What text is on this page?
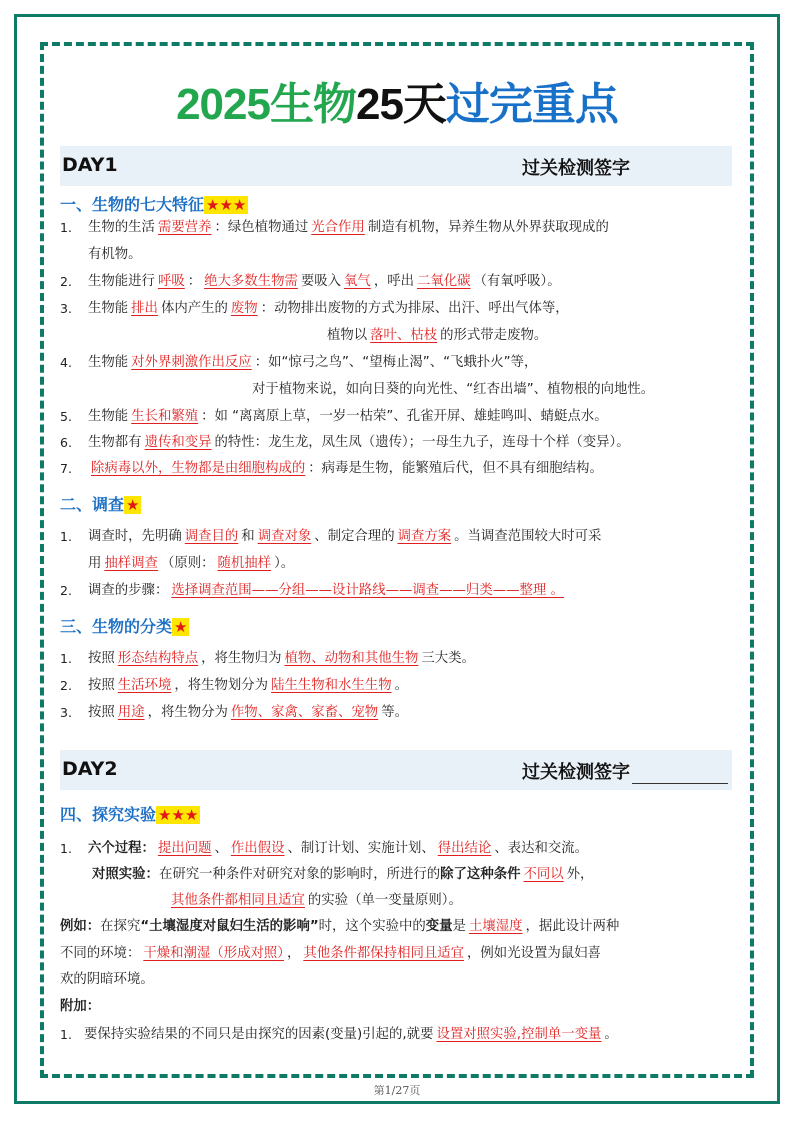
2025生物25天过完重点
DAY1	过关检测签字
一、生物的七大特征 ★★★
1. 生物的生活 需要营养 ：绿色植物通过 光合作用 制造有机物，异养生物从外界获取现成的
有机物。
2. 生物能进行 呼吸 ： 绝大多数生物需 要吸入 氧气 ，呼出 二氧化碳 （有氧呼吸）。
3. 生物能 排出 体内产生的 废物 ：动物排出废物的方式为排尿、出汗、呼出气体等，
植物以 落叶、枯枝 的形式带走废物。
4. 生物能 对外界刺激作出反应 ：如“惊弓之鸟”、“望梅止渴”、“飞蛾扑火”等，
对于植物来说，如向日葵的向光性、“红杏出墙”、植物根的向地性。
5. 生物能 生长和繁殖 ：如 “离离原上草，一岁一枯荣”、孔雀开屏、雄蛙鸣叫、蜻蜓点水。
6. 生物都有 遗传和变异 的特性：龙生龙，凤生凤（遗传）；一母生九子，连母十个样（变异）。
7. 除病毒以外，生物都是由细胞构成的 ：病毒是生物，能繁殖后代，但不具有细胞结构。
二、调查 ★
1. 调查时，先明确 调查目的 和 调查对象 、制定合理的 调查方案 。当调查范围较大时可采
用 抽样调查 （原则： 随机抽样 ）。
2. 调查的步骤： 选择调查范围——分组——设计路线——调查——归类——整理 。
三、生物的分类 ★
1. 按照 形态结构特点 ，将生物归为 植物、动物和其他生物 三大类。
2. 按照 生活环境 ，将生物划分为 陆生生物和水生生物 。
3. 按照 用途 ，将生物分为 作物、家禽、家畜、宠物 等。
DAY2	过关检测签字
四、探究实验 ★★★
1. 六个过程： 提出问题 、 作出假设 、制订计划、实施计划、 得出结论 、表达和交流。
对照实验：在研究一种条件对研究对象的影响时，所进行的除了这种条件 不同以 外，
其他条件都相同且适宜 的实验（单一变量原则）。
例如：在探究“土壤湿度对鼠妇生活的影响”时，这个实验中的变量是 土壤湿度 ，据此设计两种
不同的环境： 干燥和潮湿（形成对照） ， 其他条件都保持相同且适宜 ，例如光设置为鼠妇喜
欢的阴暗环境。
附加：
1. 要保持实验结果的不同只是由探究的因素(变量)引起的,就要 设置对照实验,控制单一变量 。
第1/27页
